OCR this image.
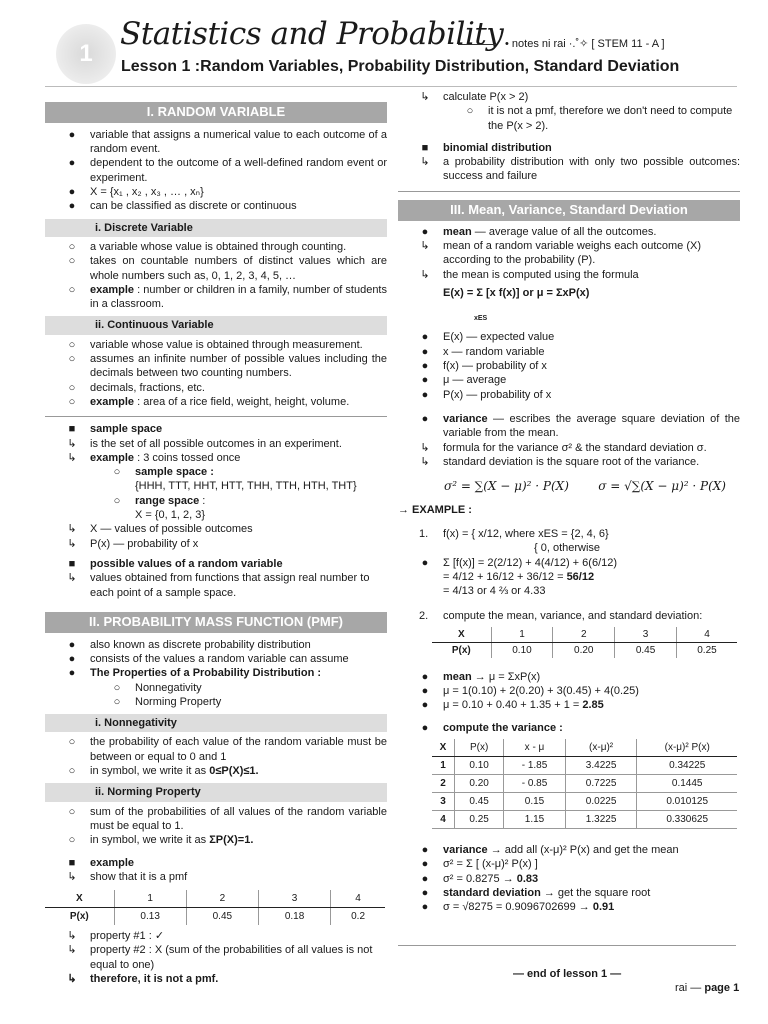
1
Statistics and Probability • notes ni rai ·.˚✧ [ STEM 11 - A ]
Lesson 1 :Random Variables, Probability Distribution, Standard Deviation
I. RANDOM VARIABLE
●	variable that assigns a numerical value to each outcome of a random event.
●	dependent to the outcome of a well-defined random event or experiment.
●	X = {x₁ , x₂ , x₃ , … , xₙ}
●	can be classified as discrete or continuous
i. Discrete Variable
○	a variable whose value is obtained through counting.
○	takes on countable numbers of distinct values which are whole numbers such as, 0, 1, 2, 3, 4, 5, …
○	example : number or children in a family, number of students in a classroom.
ii. Continuous Variable
○	variable whose value is obtained through measurement.
○	assumes an infinite number of possible values including the decimals between two counting numbers.
○	decimals, fractions, etc.
○	example : area of a rice field, weight, height, volume.
■	sample space
↳	is the set of all possible outcomes in an experiment.
↳	example : 3 coins tossed once
○	sample space :
{HHH, TTT, HHT, HTT, THH, TTH, HTH, THT}
○	range space :
X = {0, 1, 2, 3}
↳	X — values of possible outcomes
↳	P(x) — probability of x
■	possible values of a random variable
↳	values obtained from functions that assign real number to each point of a sample space.
II. PROBABILITY MASS FUNCTION (PMF)
●	also known as discrete probability distribution
●	consists of the values a random variable can assume
●	The Properties of a Probability Distribution :
○	Nonnegativity
○	Norming Property
i. Nonnegativity
○	the probability of each value of the random variable must be between or equal to 0 and 1
○	in symbol, we write it as 0≤P(X)≤1.
ii. Norming Property
○	sum of the probabilities of all values of the random variable must be equal to 1.
○	in symbol, we write it as ΣP(X)=1.
■	example
↳	show that it is a pmf
X	1	2	3	4
P(x)	0.13	0.45	0.18	0.2
↳	property #1 : ✓
↳	property #2 : X (sum of the probabilities of all values is not equal to one)
↳	therefore, it is not a pmf.
↳	calculate P(x > 2)
○	it is not a pmf, therefore we don't need to compute the P(x > 2).
■	binomial distribution
↳	a probability distribution with only two possible outcomes: success and failure
III. Mean, Variance, Standard Deviation
●	mean — average value of all the outcomes.
↳	mean of a random variable weighs each outcome (X) according to the probability (P).
↳	the mean is computed using the formula
E(x) = Σ [x f(x)] or μ = ΣxP(x)
$_{xES}$
●	E(x) — expected value
●	x — random variable
●	f(x) — probability of x
●	μ — average
●	P(x) — probability of x
●	variance — escribes the average square deviation of the variable from the mean.
↳	formula for the variance σ² & the standard deviation σ.
↳	standard deviation is the square root of the variance.
σ² = ∑(X − μ)² · P(X) σ = √∑(X − μ)² · P(X)
→ EXAMPLE :
1. f(x) = { x/12, where xES = {2, 4, 6}
{ 0, otherwise
●	Σ [f(x)] = 2(2/12) + 4(4/12) + 6(6/12)
= 4/12 + 16/12 + 36/12 = 56/12
= 4/13 or 4 ⅔ or 4.33
2. compute the mean, variance, and standard deviation:
X	1	2	3	4
P(x)	0.10	0.20	0.45	0.25
●	mean → μ = ΣxP(x)
●	μ = 1(0.10) + 2(0.20) + 3(0.45) + 4(0.25)
●	μ = 0.10 + 0.40 + 1.35 + 1 = 2.85
●	compute the variance :
X	P(x)	x - μ	(x-μ)²	(x-μ)² P(x)
1	0.10	- 1.85	3.4225	0.34225
2	0.20	- 0.85	0.7225	0.1445
3	0.45	0.15	0.0225	0.010125
4	0.25	1.15	1.3225	0.330625
●	variance → add all (x-μ)² P(x) and get the mean
●	σ² = Σ [ (x-μ)² P(x) ]
●	σ² = 0.8275 → 0.83
●	standard deviation → get the square root
●	σ = √8275 = 0.9096702699 → 0.91
— end of lesson 1 —
rai — page 1
